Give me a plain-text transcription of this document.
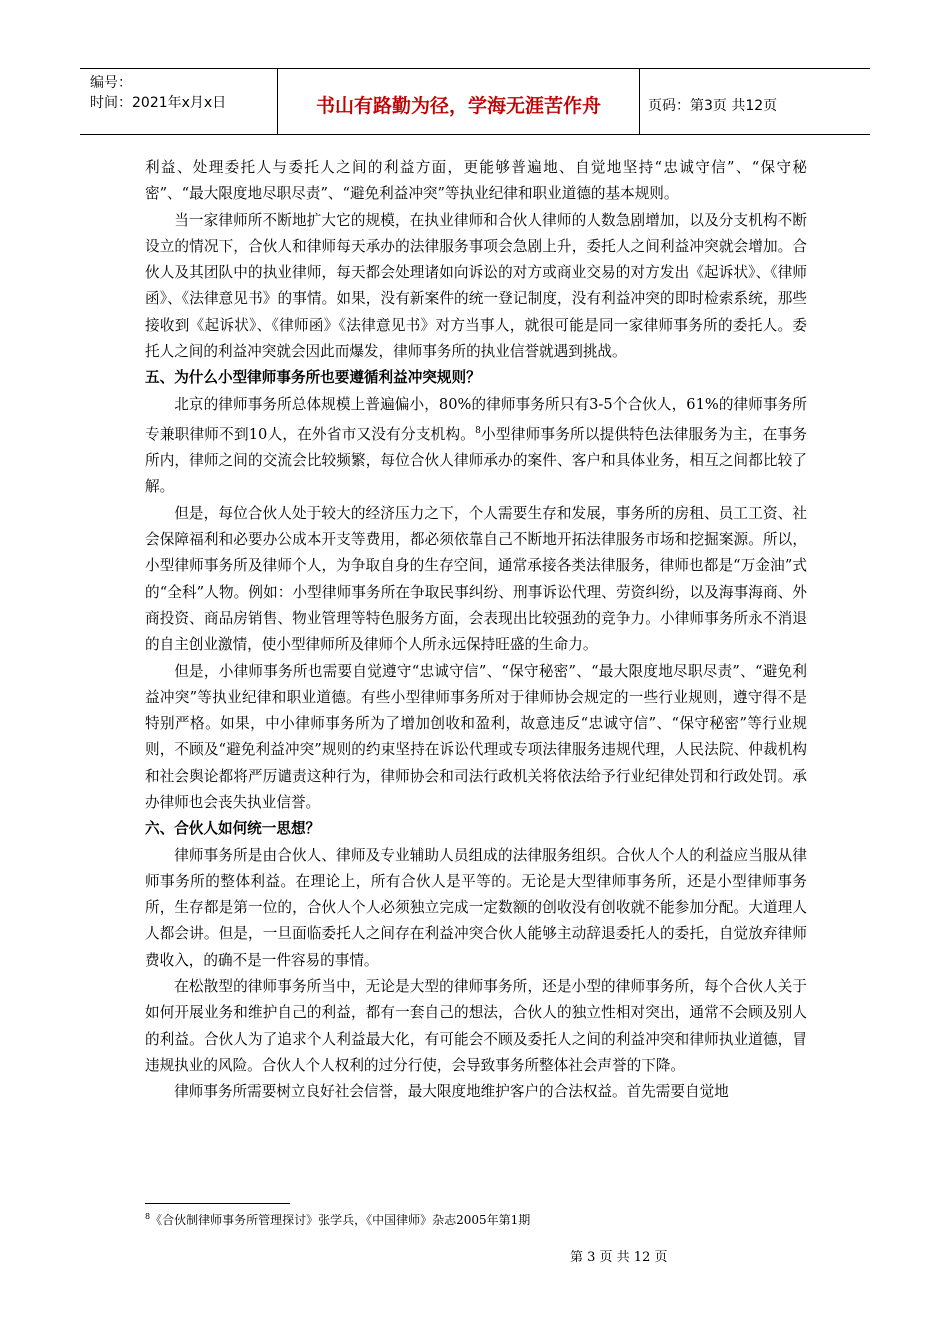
编号：
时间：2021年x月x日	书山有路勤为径，学海无涯苦作舟	页码：第3页 共12页

利益、处理委托人与委托人之间的利益方面，更能够普遍地、自觉地坚持“忠诚守信”、“保守秘密”、“最大限度地尽职尽责”、“避免利益冲突”等执业纪律和职业道德的基本规则。

当一家律师所不断地扩大它的规模，在执业律师和合伙人律师的人数急剧增加，以及分支机构不断设立的情况下，合伙人和律师每天承办的法律服务事项会急剧上升，委托人之间利益冲突就会增加。合伙人及其团队中的执业律师，每天都会处理诸如向诉讼的对方或商业交易的对方发出《起诉状》、《律师函》、《法律意见书》的事情。如果，没有新案件的统一登记制度，没有利益冲突的即时检索系统，那些接收到《起诉状》、《律师函》《法律意见书》对方当事人，就很可能是同一家律师事务所的委托人。委托人之间的利益冲突就会因此而爆发，律师事务所的执业信誉就遇到挑战。

五、为什么小型律师事务所也要遵循利益冲突规则？

北京的律师事务所总体规模上普遍偏小，80%的律师事务所只有3-5个合伙人，61%的律师事务所专兼职律师不到10人，在外省市又没有分支机构。$^8$小型律师事务所以提供特色法律服务为主，在事务所内，律师之间的交流会比较频繁，每位合伙人律师承办的案件、客户和具体业务，相互之间都比较了解。

但是，每位合伙人处于较大的经济压力之下，个人需要生存和发展，事务所的房租、员工工资、社会保障福利和必要办公成本开支等费用，都必须依靠自己不断地开拓法律服务市场和挖掘案源。所以，小型律师事务所及律师个人，为争取自身的生存空间，通常承接各类法律服务，律师也都是“万金油”式的“全科”人物。例如：小型律师事务所在争取民事纠纷、刑事诉讼代理、劳资纠纷，以及海事海商、外商投资、商品房销售、物业管理等特色服务方面，会表现出比较强劲的竞争力。小律师事务所永不消退的自主创业激情，使小型律师所及律师个人所永远保持旺盛的生命力。

但是，小律师事务所也需要自觉遵守“忠诚守信”、“保守秘密”、“最大限度地尽职尽责”、“避免利益冲突”等执业纪律和职业道德。有些小型律师事务所对于律师协会规定的一些行业规则，遵守得不是特别严格。如果，中小律师事务所为了增加创收和盈利，故意违反“忠诚守信”、“保守秘密”等行业规则，不顾及“避免利益冲突”规则的约束坚持在诉讼代理或专项法律服务违规代理，人民法院、仲裁机构和社会舆论都将严厉谴责这种行为，律师协会和司法行政机关将依法给予行业纪律处罚和行政处罚。承办律师也会丧失执业信誉。

六、合伙人如何统一思想？

律师事务所是由合伙人、律师及专业辅助人员组成的法律服务组织。合伙人个人的利益应当服从律师事务所的整体利益。在理论上，所有合伙人是平等的。无论是大型律师事务所，还是小型律师事务所，生存都是第一位的，合伙人个人必须独立完成一定数额的创收没有创收就不能参加分配。大道理人人都会讲。但是，一旦面临委托人之间存在利益冲突合伙人能够主动辞退委托人的委托，自觉放弃律师费收入，的确不是一件容易的事情。

在松散型的律师事务所当中，无论是大型的律师事务所，还是小型的律师事务所，每个合伙人关于如何开展业务和维护自己的利益，都有一套自己的想法，合伙人的独立性相对突出，通常不会顾及别人的利益。合伙人为了追求个人利益最大化，有可能会不顾及委托人之间的利益冲突和律师执业道德，冒违规执业的风险。合伙人个人权利的过分行使，会导致事务所整体社会声誉的下降。

律师事务所需要树立良好社会信誉，最大限度地维护客户的合法权益。首先需要自觉地

$^8$《合伙制律师事务所管理探讨》张学兵，《中国律师》杂志2005年第1期
第 3 页 共 12 页
